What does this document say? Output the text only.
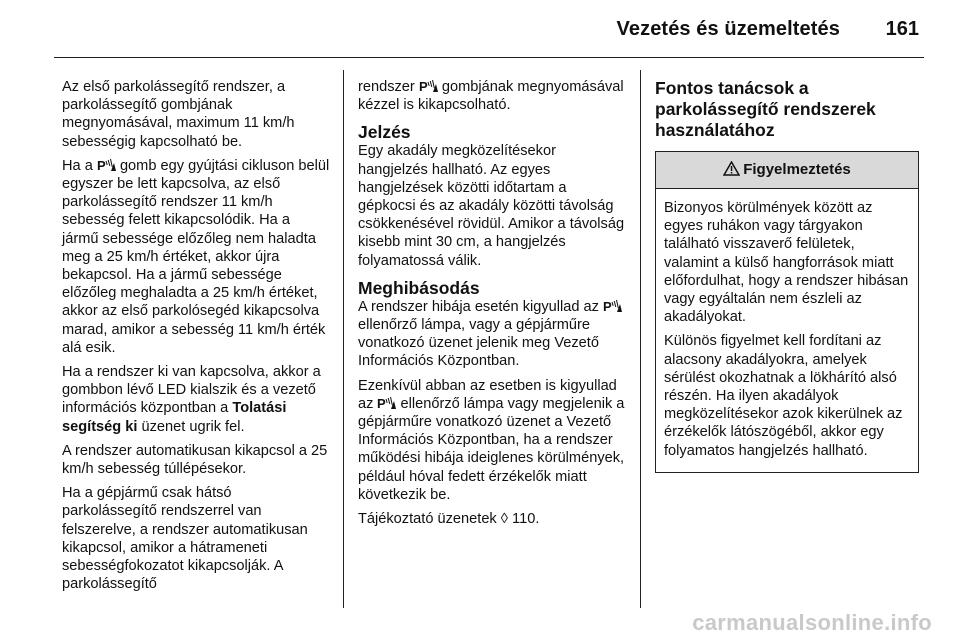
Vezetés és üzemeltetés 161

Az első parkolássegítő rendszer, a parkolássegítő gombjának megnyomásával, maximum 11 km/h sebességig kapcsolható be.

Ha a P gomb egy gyújtási cikluson belül egyszer be lett kapcsolva, az első parkolássegítő rendszer 11 km/h sebesség felett kikapcsolódik. Ha a jármű sebessége előzőleg nem haladta meg a 25 km/h értéket, akkor újra bekapcsol. Ha a jármű sebessége előzőleg meghaladta a 25 km/h értéket, akkor az első parkolósegéd kikapcsolva marad, amikor a sebesség 11 km/h érték alá esik.

Ha a rendszer ki van kapcsolva, akkor a gombbon lévő LED kialszik és a vezető információs központban a Tolatási segítség ki üzenet ugrik fel.

A rendszer automatikusan kikapcsol a 25 km/h sebesség túllépésekor.

Ha a gépjármű csak hátsó parkolássegítő rendszerrel van felszerelve, a rendszer automatikusan kikapcsol, amikor a hátrameneti sebességfokozatot kikapcsolják. A parkolássegítő

rendszer P gombjának megnyomásával kézzel is kikapcsolható.

Jelzés

Egy akadály megközelítésekor hangjelzés hallható. Az egyes hangjelzések közötti időtartam a gépkocsi és az akadály közötti távolság csökkenésével rövidül. Amikor a távolság kisebb mint 30 cm, a hangjelzés folyamatossá válik.

Meghibásodás

A rendszer hibája esetén kigyullad az P
ellenőrző lámpa, vagy a gépjárműre vonatkozó üzenet jelenik meg Vezető Információs Központban.

Ezenkívül abban az esetben is kigyullad az P ellenőrző lámpa vagy megjelenik a gépjárműre vonatkozó üzenet a Vezető Információs Központban, ha a rendszer működési hibája ideiglenes körülmények, például hóval fedett érzékelők miatt következik be.

Tájékoztató üzenetek ◊ 110.

Fontos tanácsok a parkolássegítő rendszerek használatához
Figyelmeztetés

Bizonyos körülmények között az egyes ruhákon vagy tárgyakon található visszaverő felületek, valamint a külső hangforrások miatt előfordulhat, hogy a rendszer hibásan vagy egyáltalán nem észleli az akadályokat.

Különös figyelmet kell fordítani az alacsony akadályokra, amelyek sérülést okozhatnak a lökhárító alsó részén. Ha ilyen akadályok megközelítésekor azok kikerülnek az érzékelők látószögéből, akkor egy folyamatos hangjelzés hallható.

carmanualsonline.info
